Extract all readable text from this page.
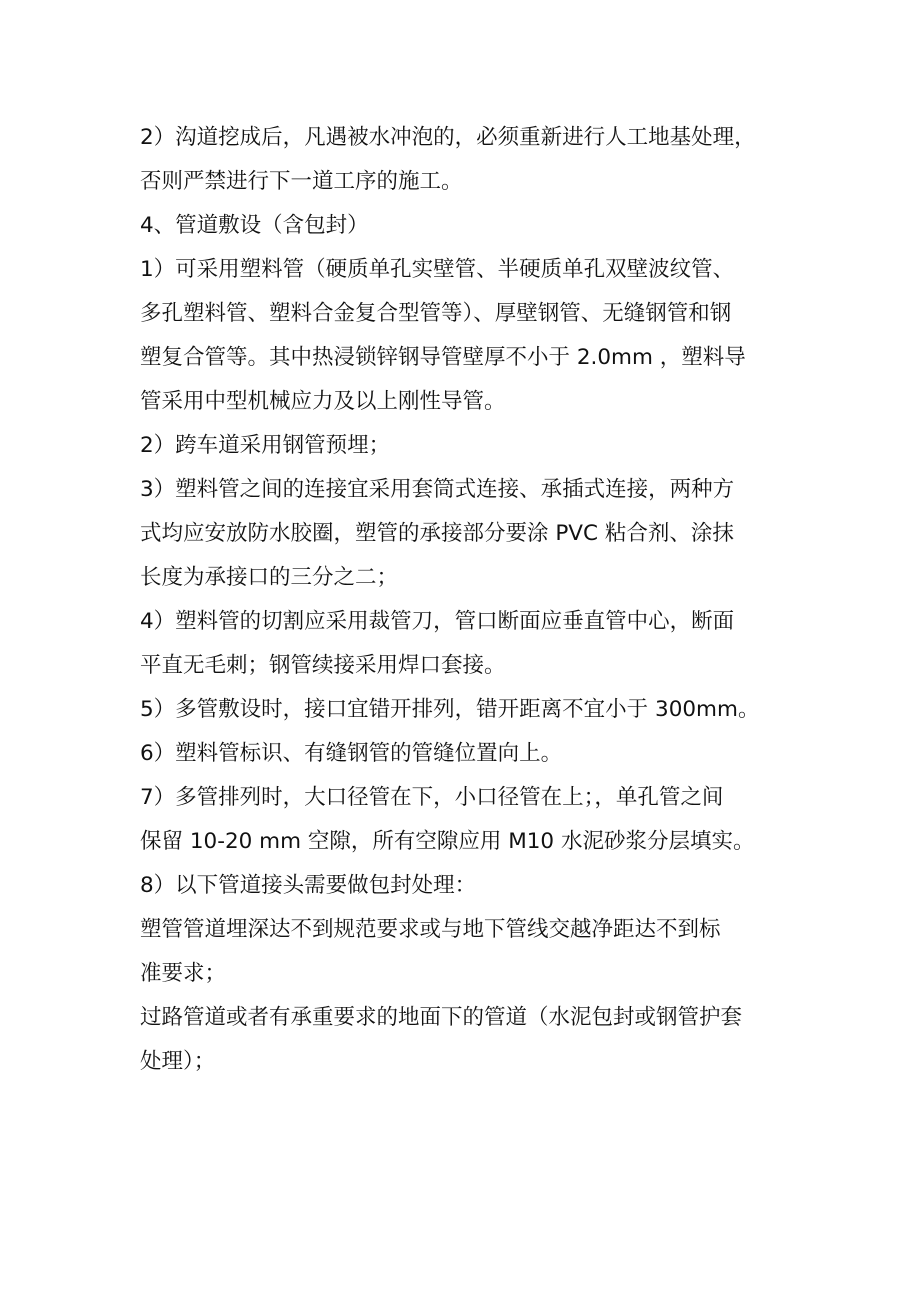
2）沟道挖成后，凡遇被水冲泡的，必须重新进行人工地基处理，
否则严禁进行下一道工序的施工。
4、管道敷设（含包封）
1）可采用塑料管（硬质单孔实壁管、半硬质单孔双壁波纹管、
多孔塑料管、塑料合金复合型管等）、厚壁钢管、无缝钢管和钢
塑复合管等。其中热浸锁锌钢导管壁厚不小于 2.0mm ，塑料导
管采用中型机械应力及以上刚性导管。
2）跨车道采用钢管预埋；
3）塑料管之间的连接宜采用套筒式连接、承插式连接，两种方
式均应安放防水胶圈，塑管的承接部分要涂 PVC 粘合剂、涂抹
长度为承接口的三分之二；
4）塑料管的切割应采用裁管刀，管口断面应垂直管中心，断面
平直无毛刺；钢管续接采用焊口套接。
5）多管敷设时，接口宜错开排列，错开距离不宜小于 300mm。
6）塑料管标识、有缝钢管的管缝位置向上。
7）多管排列时，大口径管在下，小口径管在上；，单孔管之间
保留 10-20 mm 空隙，所有空隙应用 M10 水泥砂浆分层填实。
8）以下管道接头需要做包封处理：
塑管管道埋深达不到规范要求或与地下管线交越净距达不到标
准要求；
过路管道或者有承重要求的地面下的管道（水泥包封或钢管护套
处理）；
